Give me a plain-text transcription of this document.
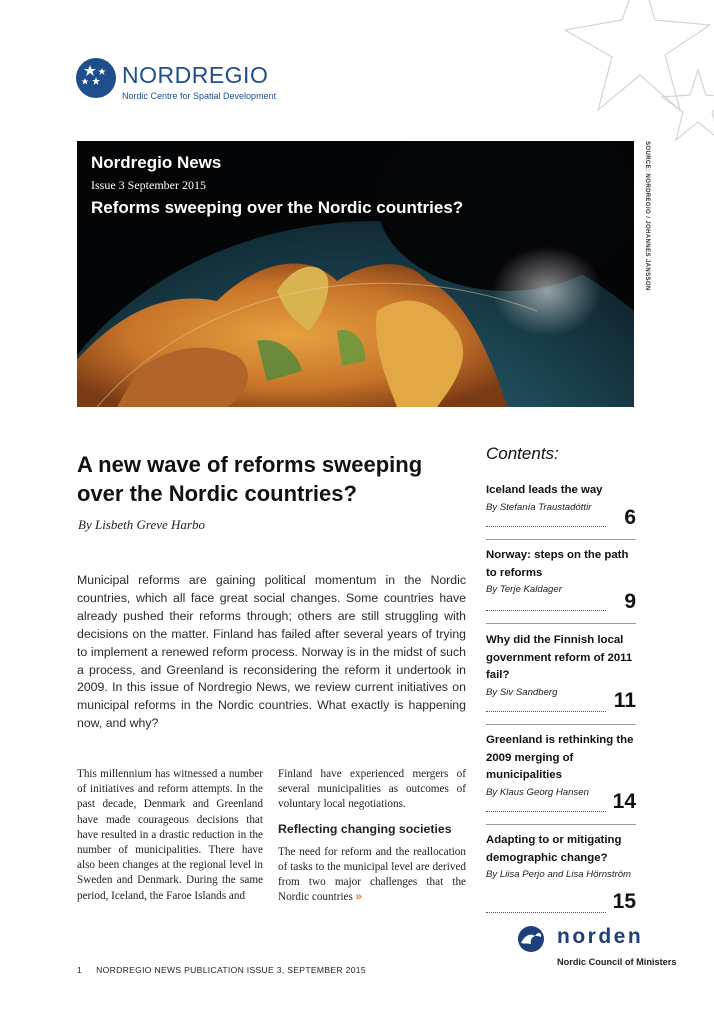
NORDREGIO
Nordic Centre for Spatial Development
Nordregio News
Issue 3 September 2015
Reforms sweeping over the Nordic countries?	SOURCE: NORDREGIO / JOHANNES JANSSON
A new wave of reforms sweeping
over the Nordic countries?
By Lisbeth Greve Harbo
Municipal reforms are gaining political momentum in the Nordic countries, which all face great social changes. Some countries have already pushed their reforms through; others are still struggling with decisions on the matter. Finland has failed after several years of trying to implement a renewed reform process. Norway is in the midst of such a process, and Greenland is reconsidering the reform it undertook in 2009. In this issue of Nordregio News, we review current initiatives on municipal reforms in the Nordic countries. What exactly is happening now, and why?
This millennium has witnessed a number of initiatives and reform attempts. In the past decade, Denmark and Greenland have made courageous decisions that have resulted in a drastic reduction in the number of municipalities. There have also been changes at the regional level in Sweden and Denmark. During the same period, Iceland, the Faroe Islands and
Finland have experienced mergers of several municipalities as outcomes of voluntary local negotiations.
Reflecting changing societies
The need for reform and the reallocation of tasks to the municipal level are derived from two major challenges that the Nordic countries »
Contents:
Iceland leads the way
By Stefanía Traustadóttir	6
Norway: steps on the path to reforms
By Terje Kaldager
9
Why did the Finnish local government reform of 2011 fail?
By Siv Sandberg	11
Greenland is rethinking the 2009 merging of municipalities
By Klaus Georg Hansen	14
Adapting to or mitigating demographic change?
By Liisa Perjo and Lisa Hörnström
15
norden
Nordic Council of Ministers
1 NORDREGIO NEWS PUBLICATION ISSUE 3, SEPTEMBER 2015
